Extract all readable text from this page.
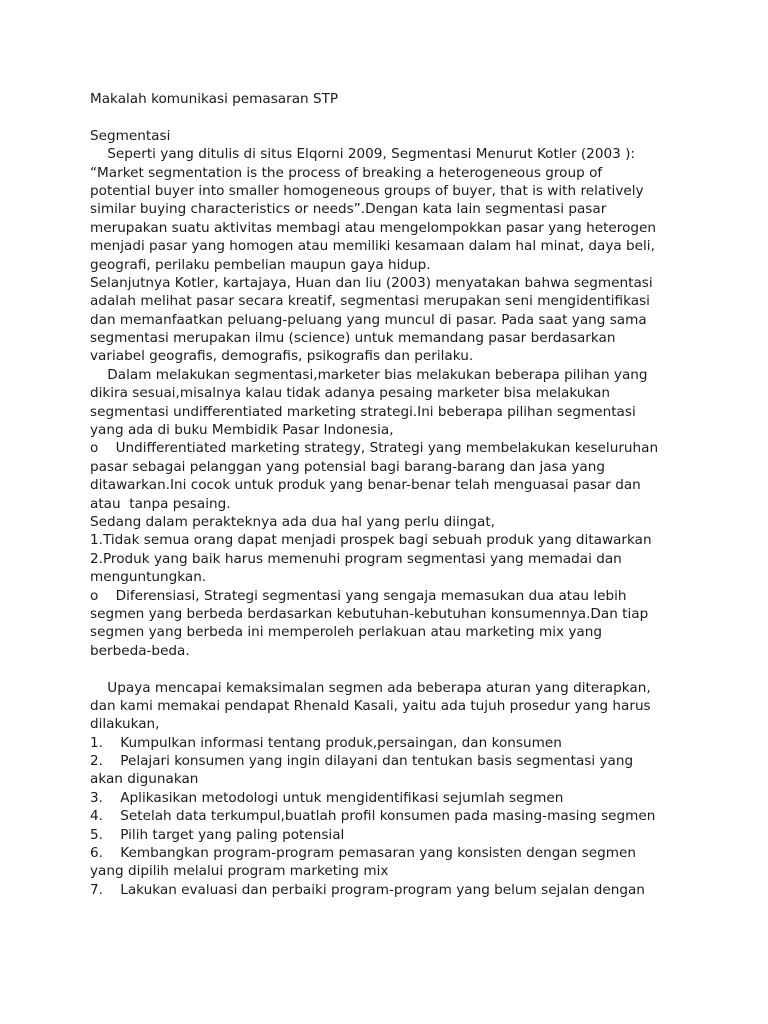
Makalah komunikasi pemasaran STP
Segmentasi
Seperti yang ditulis di situs Elqorni 2009, Segmentasi Menurut Kotler (2003 ):
“Market segmentation is the process of breaking a heterogeneous group of
potential buyer into smaller homogeneous groups of buyer, that is with relatively
similar buying characteristics or needs”.Dengan kata lain segmentasi pasar
merupakan suatu aktivitas membagi atau mengelompokkan pasar yang heterogen
menjadi pasar yang homogen atau memiliki kesamaan dalam hal minat, daya beli,
geografi, perilaku pembelian maupun gaya hidup.
Selanjutnya Kotler, kartajaya, Huan dan liu (2003) menyatakan bahwa segmentasi
adalah melihat pasar secara kreatif, segmentasi merupakan seni mengidentifikasi
dan memanfaatkan peluang-peluang yang muncul di pasar. Pada saat yang sama
segmentasi merupakan ilmu (science) untuk memandang pasar berdasarkan
variabel geografis, demografis, psikografis dan perilaku.
Dalam melakukan segmentasi,marketer bias melakukan beberapa pilihan yang
dikira sesuai,misalnya kalau tidak adanya pesaing marketer bisa melakukan
segmentasi undifferentiated marketing strategi.Ini beberapa pilihan segmentasi
yang ada di buku Membidik Pasar Indonesia,
o    Undifferentiated marketing strategy, Strategi yang membelakukan keseluruhan
pasar sebagai pelanggan yang potensial bagi barang-barang dan jasa yang
ditawarkan.Ini cocok untuk produk yang benar-benar telah menguasai pasar dan
atau  tanpa pesaing.
Sedang dalam perakteknya ada dua hal yang perlu diingat,
1.Tidak semua orang dapat menjadi prospek bagi sebuah produk yang ditawarkan
2.Produk yang baik harus memenuhi program segmentasi yang memadai dan
menguntungkan.
o    Diferensiasi, Strategi segmentasi yang sengaja memasukan dua atau lebih
segmen yang berbeda berdasarkan kebutuhan-kebutuhan konsumennya.Dan tiap
segmen yang berbeda ini memperoleh perlakuan atau marketing mix yang
berbeda-beda.
Upaya mencapai kemaksimalan segmen ada beberapa aturan yang diterapkan,
dan kami memakai pendapat Rhenald Kasali, yaitu ada tujuh prosedur yang harus
dilakukan,
1.    Kumpulkan informasi tentang produk,persaingan, dan konsumen
2.    Pelajari konsumen yang ingin dilayani dan tentukan basis segmentasi yang
akan digunakan
3.    Aplikasikan metodologi untuk mengidentifikasi sejumlah segmen
4.    Setelah data terkumpul,buatlah profil konsumen pada masing-masing segmen
5.    Pilih target yang paling potensial
6.    Kembangkan program-program pemasaran yang konsisten dengan segmen
yang dipilih melalui program marketing mix
7.    Lakukan evaluasi dan perbaiki program-program yang belum sejalan dengan
